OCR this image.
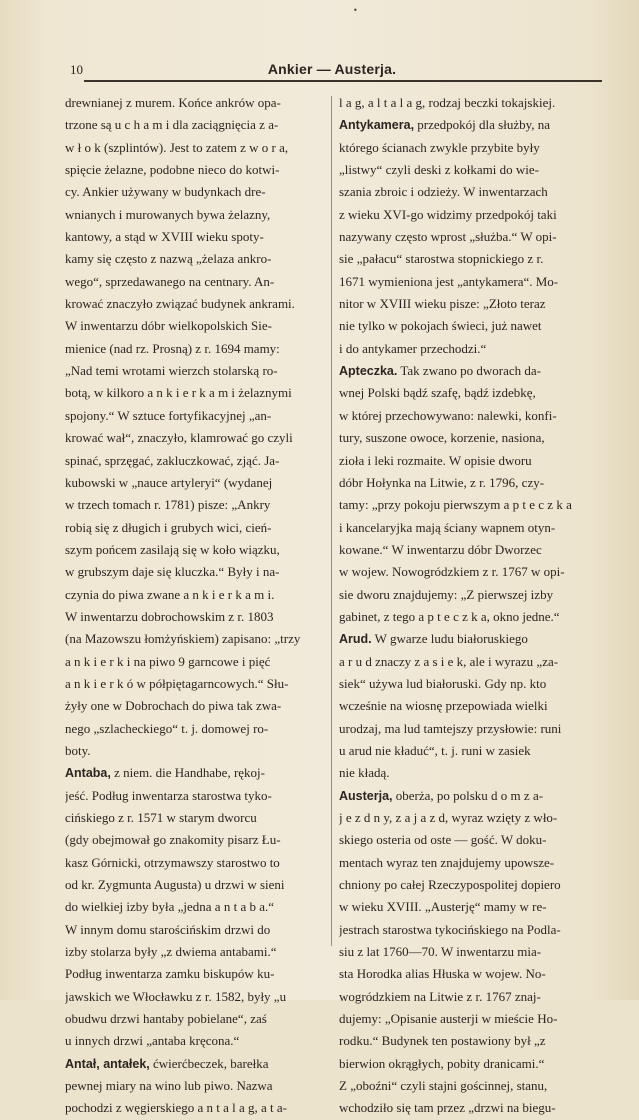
•
10	Ankier — Austerja.
drewnianej z murem. Końce ankrów opa-
trzone są u c h a m i dla zaciągnięcia z a-
w ł o k (szplintów). Jest to zatem z w o r a,
spięcie żelazne, podobne nieco do kotwi-
cy. Ankier używany w budynkach dre-
wnianych i murowanych bywa żelazny,
kantowy, a stąd w XVIII wieku spoty-
kamy się często z nazwą „żelaza ankro-
wego“, sprzedawanego na centnary. An-
krować znaczyło związać budynek ankrami.
W inwentarzu dóbr wielkopolskich Sie-
mienice (nad rz. Prosną) z r. 1694 mamy:
„Nad temi wrotami wierzch stolarską ro-
botą, w kilkoro a n k i e r k a m i żelaznymi
spojony.“ W sztuce fortyfikacyjnej „an-
krować wał“, znaczyło, klamrować go czyli
spinać, sprzęgać, zakluczkować, zjąć. Ja-
kubowski w „nauce artyleryi“ (wydanej
w trzech tomach r. 1781) pisze: „Ankry
robią się z długich i grubych wici, cień-
szym pońcem zasilają się w koło wiązku,
w grubszym daje się kluczka.“ Były i na-
czynia do piwa zwane a n k i e r k a m i.
W inwentarzu dobrochowskim z r. 1803
(na Mazowszu łomżyńskiem) zapisano: „trzy
a n k i e r k i na piwo 9 garncowe i pięć
a n k i e r k ó w półpiętagarncowych.“ Słu-
żyły one w Dobrochach do piwa tak zwa-
nego „szlacheckiego“ t. j. domowej ro-
boty.
Antaba, z niem. die Handhabe, rękoj-
jeść. Podług inwentarza starostwa tyko-
cińskiego z r. 1571 w starym dworcu
(gdy obejmował go znakomity pisarz Łu-
kasz Górnicki, otrzymawszy starostwo to
od kr. Zygmunta Augusta) u drzwi w sieni
do wielkiej izby była „jedna a n t a b a.“
W innym domu starościńskim drzwi do
izby stolarza były „z dwiema antabami.“
Podług inwentarza zamku biskupów ku-
jawskich we Włocławku z r. 1582, były „u
obudwu drzwi hantaby pobielane“, zaś
u innych drzwi „antaba kręcona.“
Antał, antałek, ćwierćbeczek, barełka
pewnej miary na wino lub piwo. Nazwa
pochodzi z węgierskiego a n t a l a g, a t a-
l a g, a l t a l a g, rodzaj beczki tokajskiej.
Antykamera, przedpokój dla służby, na
którego ścianach zwykle przybite były
„listwy“ czyli deski z kołkami do wie-
szania zbroic i odzieży. W inwentarzach
z wieku XVI-go widzimy przedpokój taki
nazywany często wprost „służba.“ W opi-
sie „pałacu“ starostwa stopnickiego z r.
1671 wymieniona jest „antykamera“. Mo-
nitor w XVIII wieku pisze: „Złoto teraz
nie tylko w pokojach świeci, już nawet
i do antykamer przechodzi.“
Apteczka. Tak zwano po dworach da-
wnej Polski bądź szafę, bądź izdebkę,
w której przechowywano: nalewki, konfi-
tury, suszone owoce, korzenie, nasiona,
zioła i leki rozmaite. W opisie dworu
dóbr Hołynka na Litwie, z r. 1796, czy-
tamy: „przy pokoju pierwszym a p t e c z k a
i kancelaryjka mają ściany wapnem otyn-
kowane.“ W inwentarzu dóbr Dworzec
w wojew. Nowogródzkiem z r. 1767 w opi-
sie dworu znajdujemy: „Z pierwszej izby
gabinet, z tego a p t e c z k a, okno jedne.“
Arud. W gwarze ludu białoruskiego
a r u d znaczy z a s i e k, ale i wyrazu „za-
siek“ używa lud białoruski. Gdy np. kto
wcześnie na wiosnę przepowiada wielki
urodzaj, ma lud tamtejszy przysłowie: runi
u arud nie kładuć“, t. j. runi w zasiek
nie kładą.
Austerja, oberża, po polsku d o m z a-
j e z d n y, z a j a z d, wyraz wzięty z wło-
skiego osteria od oste — gość. W doku-
mentach wyraz ten znajdujemy upowsze-
chniony po całej Rzeczypospolitej dopiero
w wieku XVIII. „Austerję“ mamy w re-
jestrach starostwa tykocińskiego na Podla-
siu z lat 1760—70. W inwentarzu mia-
sta Horodka alias Hłuska w wojew. No-
wogródzkiem na Litwie z r. 1767 znaj-
dujemy: „Opisanie austerji w mieście Ho-
rodku.“ Budynek ten postawiony był „z
bierwion okrągłych, pobity dranicami.“
Z „oboźni“ czyli stajni gościnnej, stanu,
wchodziło się tam przez „drzwi na biegu-
